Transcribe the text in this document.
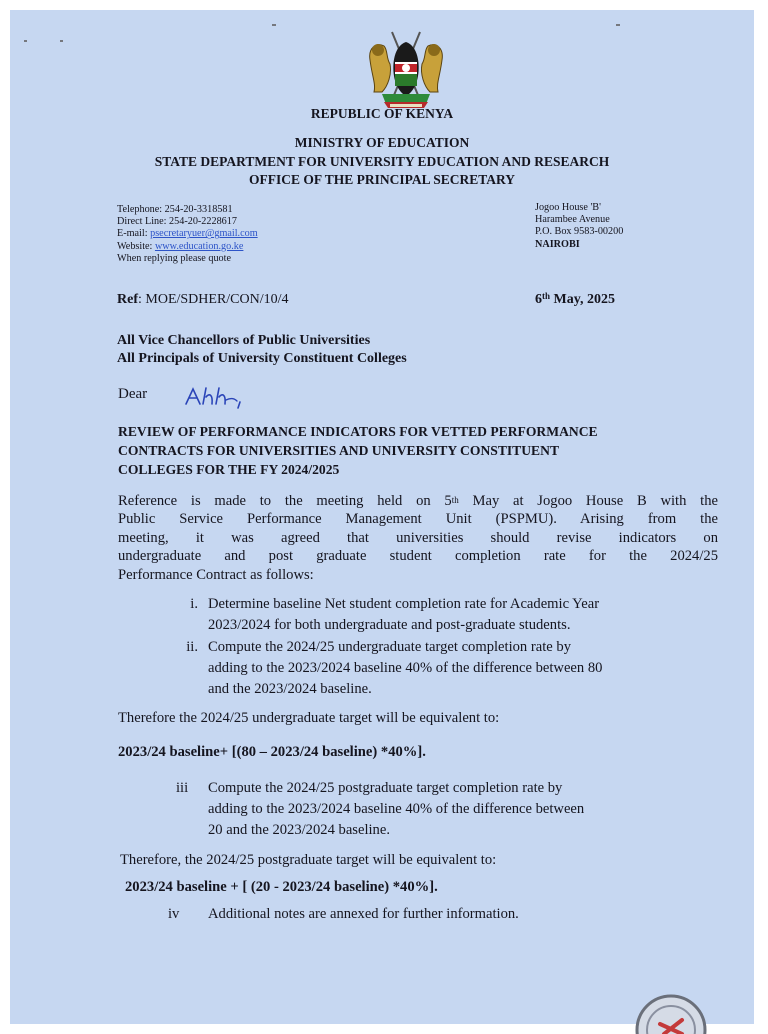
REPUBLIC OF KENYA
MINISTRY OF EDUCATION
STATE DEPARTMENT FOR UNIVERSITY EDUCATION AND RESEARCH
OFFICE OF THE PRINCIPAL SECRETARY
Telephone: 254-20-3318581
Direct Line: 254-20-2228617
E-mail: psecretaryuer@gmail.com
Website: www.education.go.ke
When replying please quote
Jogoo House 'B'
Harambee Avenue
P.O. Box 9583-00200
NAIROBI
Ref: MOE/SDHER/CON/10/4	6th May, 2025
All Vice Chancellors of Public Universities
All Principals of University Constituent Colleges
Dear
REVIEW OF PERFORMANCE INDICATORS FOR VETTED PERFORMANCE
CONTRACTS FOR UNIVERSITIES AND UNIVERSITY CONSTITUENT
COLLEGES FOR THE FY 2024/2025
Reference is made to the meeting held on 5th May at Jogoo House B with the
Public Service Performance Management Unit (PSPMU). Arising from the
meeting, it was agreed that universities should revise indicators on
undergraduate and post graduate student completion rate for the 2024/25
Performance Contract as follows:
i. Determine baseline Net student completion rate for Academic Year
2023/2024 for both undergraduate and post-graduate students.
ii. Compute the 2024/25 undergraduate target completion rate by
adding to the 2023/2024 baseline 40% of the difference between 80
and the 2023/2024 baseline.
Therefore the 2024/25 undergraduate target will be equivalent to:
2023/24 baseline+ [(80 – 2023/24 baseline) *40%].
iii	Compute the 2024/25 postgraduate target completion rate by
adding to the 2023/2024 baseline 40% of the difference between
20 and the 2023/2024 baseline.
Therefore, the 2024/25 postgraduate target will be equivalent to:
2023/24 baseline + [ (20 - 2023/24 baseline) *40%].
iv	Additional notes are annexed for further information.
